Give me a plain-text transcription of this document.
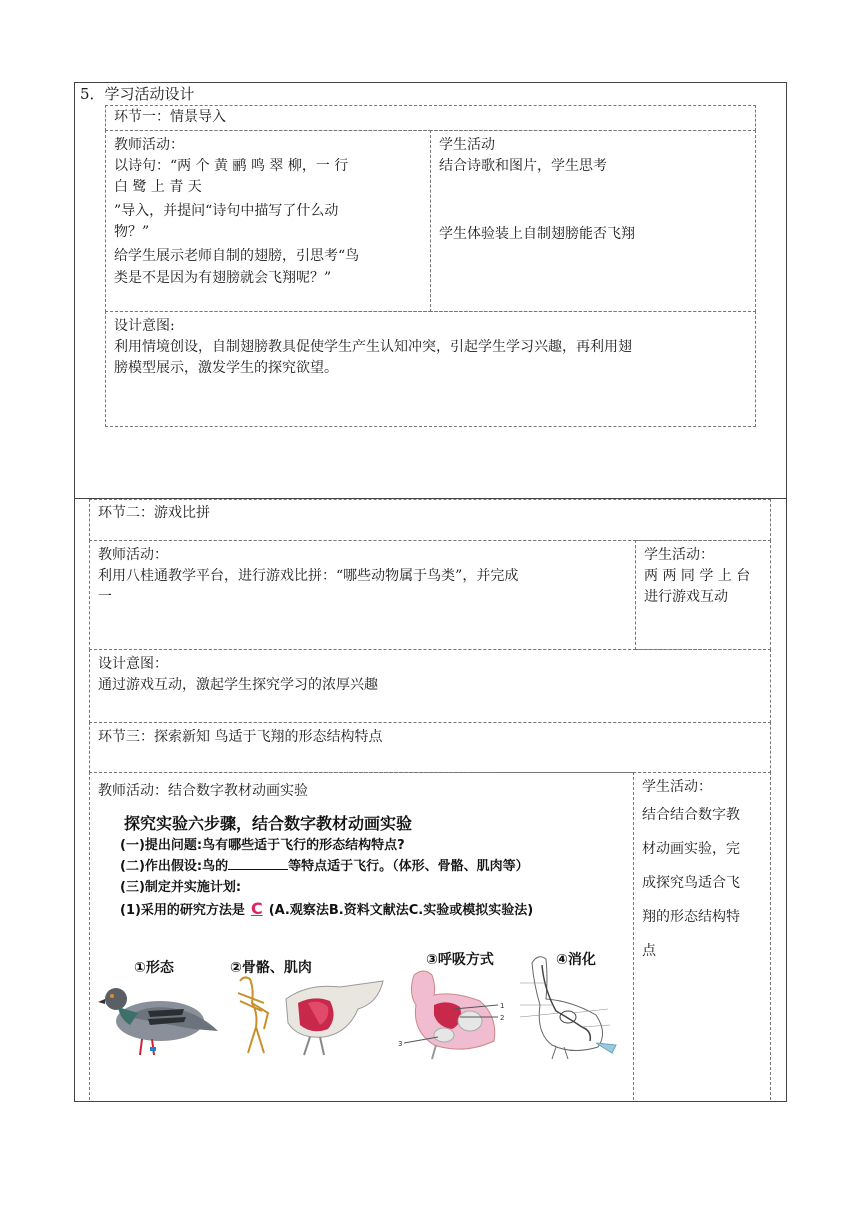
5．学习活动设计
环节一：情景导入
教师活动：
以诗句：“两 个 黄 鹂 鸣 翠 柳，一 行
白 鹭 上 青 天
”导入，并提问“诗句中描写了什么动
物？”
给学生展示老师自制的翅膀，引思考“鸟
类是不是因为有翅膀就会飞翔呢？”
学生活动
结合诗歌和图片，学生思考
学生体验装上自制翅膀能否飞翔
设计意图:
利用情境创设，自制翅膀教具促使学生产生认知冲突，引起学生学习兴趣，再利用翅
膀模型展示，激发学生的探究欲望。
环节二：游戏比拼
教师活动：
利用八桂通教学平台，进行游戏比拼：“哪些动物属于鸟类”，并完成
一
学生活动：
两 两 同 学 上 台
进行游戏互动
设计意图：
通过游戏互动，激起学生探究学习的浓厚兴趣
环节三：探索新知 鸟适于飞翔的形态结构特点
教师活动：结合数字教材动画实验
探究实验六步骤，结合数字教材动画实验
(一)提出问题:鸟有哪些适于飞行的形态结构特点?
(二)作出假设:鸟的	等特点适于飞行。（体形、骨骼、肌肉等）
(三)制定并实施计划:
(1)采用的研究方法是 C (A.观察法B.资料文献法C.实验或模拟实验法)
①形态	②骨骼、肌肉	③呼吸方式
1
2
3
④消化
学生活动：
结合结合数字教
材动画实验，完
成探究鸟适合飞
翔的形态结构特
点
